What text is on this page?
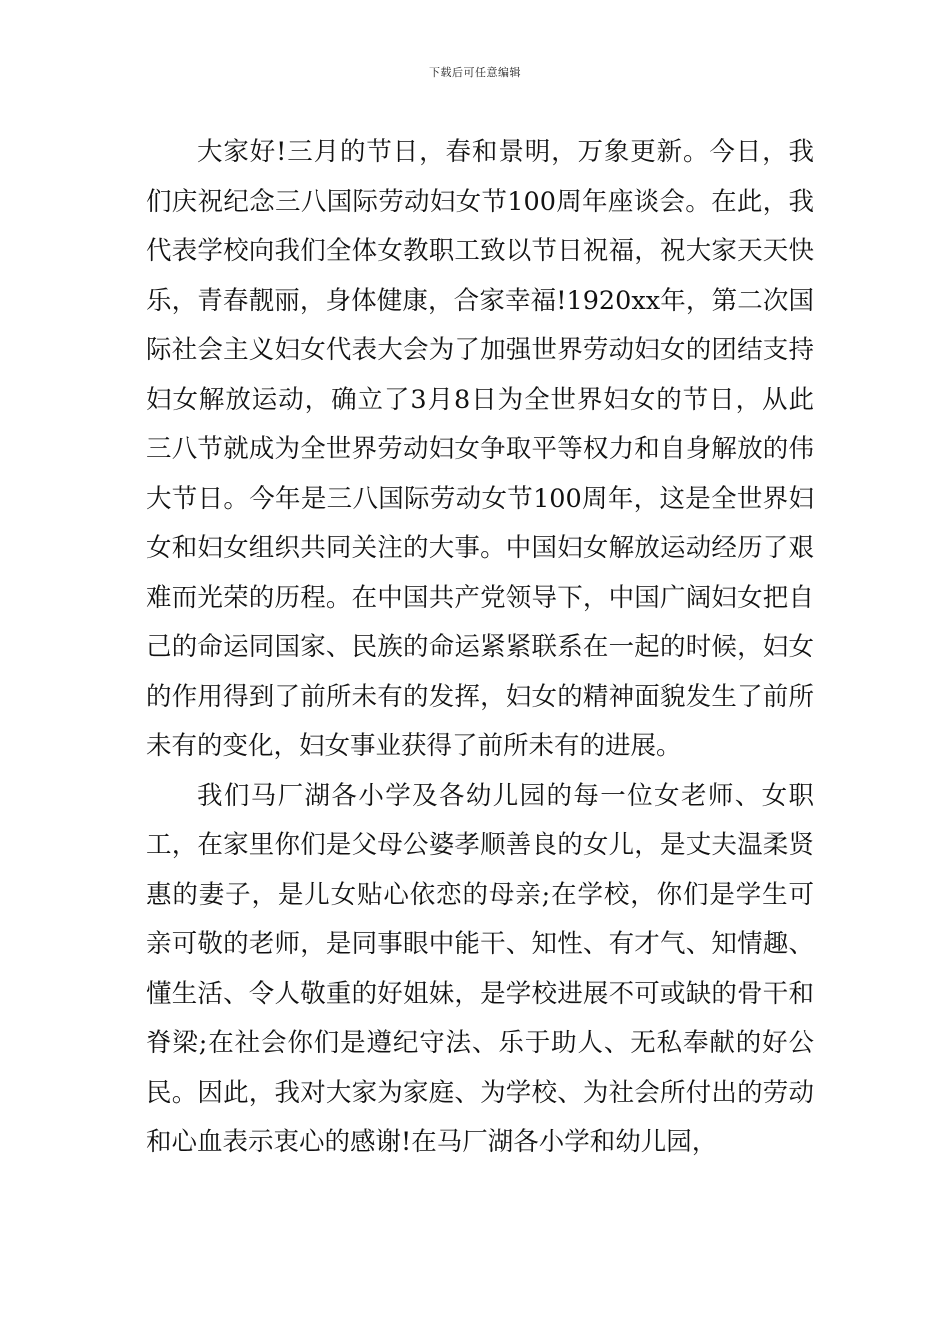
下载后可任意编辑

大家好!三月的节日，春和景明，万象更新。今日，我们庆祝纪念三八国际劳动妇女节100周年座谈会。在此，我代表学校向我们全体女教职工致以节日祝福，祝大家天天快乐，青春靓丽，身体健康，合家幸福!1920xx年，第二次国际社会主义妇女代表大会为了加强世界劳动妇女的团结支持妇女解放运动，确立了3月8日为全世界妇女的节日，从此三八节就成为全世界劳动妇女争取平等权力和自身解放的伟大节日。今年是三八国际劳动女节100周年，这是全世界妇女和妇女组织共同关注的大事。中国妇女解放运动经历了艰难而光荣的历程。在中国共产党领导下，中国广阔妇女把自己的命运同国家、民族的命运紧紧联系在一起的时候，妇女的作用得到了前所未有的发挥，妇女的精神面貌发生了前所未有的变化，妇女事业获得了前所未有的进展。

我们马厂湖各小学及各幼儿园的每一位女老师、女职工，在家里你们是父母公婆孝顺善良的女儿，是丈夫温柔贤惠的妻子，是儿女贴心依恋的母亲;在学校，你们是学生可亲可敬的老师，是同事眼中能干、知性、有才气、知情趣、懂生活、令人敬重的好姐妹，是学校进展不可或缺的骨干和脊梁;在社会你们是遵纪守法、乐于助人、无私奉献的好公民。因此，我对大家为家庭、为学校、为社会所付出的劳动和心血表示衷心的感谢!在马厂湖各小学和幼儿园，
